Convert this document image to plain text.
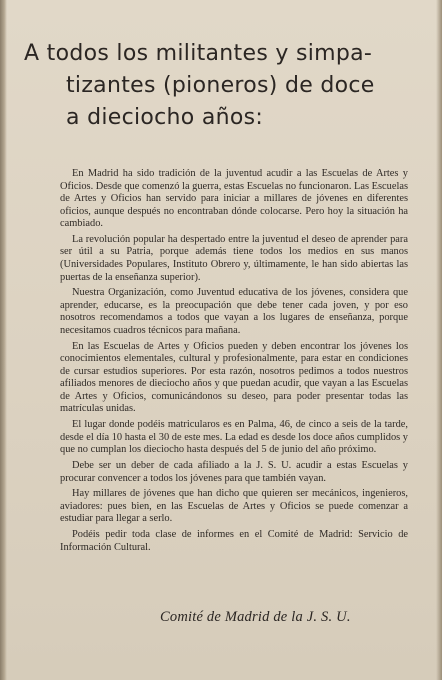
A todos los militantes y simpa-
tizantes (pioneros) de doce
a dieciocho años:

En Madrid ha sido tradición de la juventud acudir a las Escuelas de Artes y Oficios. Desde que comenzó la guerra, estas Escuelas no funcionaron. Las Escuelas de Artes y Oficios han servido para iniciar a millares de jóvenes en diferentes oficios, aunque después no encontraban dónde colocarse. Pero hoy la situación ha cambiado.

La revolución popular ha despertado entre la juventud el deseo de aprender para ser útil a su Patria, porque además tiene todos los medios en sus manos (Universidades Populares, Instituto Obrero y, últimamente, le han sido abiertas las puertas de la enseñanza superior).

Nuestra Organización, como Juventud educativa de los jóvenes, considera que aprender, educarse, es la preocupación que debe tener cada joven, y por eso nosotros recomendamos a todos que vayan a los lugares de enseñanza, porque necesitamos cuadros técnicos para mañana.

En las Escuelas de Artes y Oficios pueden y deben encontrar los jóvenes los conocimientos elementales, cultural y profesionalmente, para estar en condiciones de cursar estudios superiores. Por esta razón, nosotros pedimos a todos nuestros afiliados menores de dieciocho años y que puedan acudir, que vayan a las Escuelas de Artes y Oficios, comunicándonos su deseo, para poder presentar todas las matrículas unidas.

El lugar donde podéis matricularos es en Palma, 46, de cinco a seis de la tarde, desde el día 10 hasta el 30 de este mes. La edad es desde los doce años cumplidos y que no cumplan los dieciocho hasta después del 5 de junio del año próximo.

Debe ser un deber de cada afiliado a la J. S. U. acudir a estas Escuelas y procurar convencer a todos los jóvenes para que también vayan.

Hay millares de jóvenes que han dicho que quieren ser mecánicos, ingenieros, aviadores: pues bien, en las Escuelas de Artes y Oficios se puede comenzar a estudiar para llegar a serlo.

Podéis pedir toda clase de informes en el Comité de Madrid: Servicio de Información Cultural.

Comité de Madrid de la J. S. U.
